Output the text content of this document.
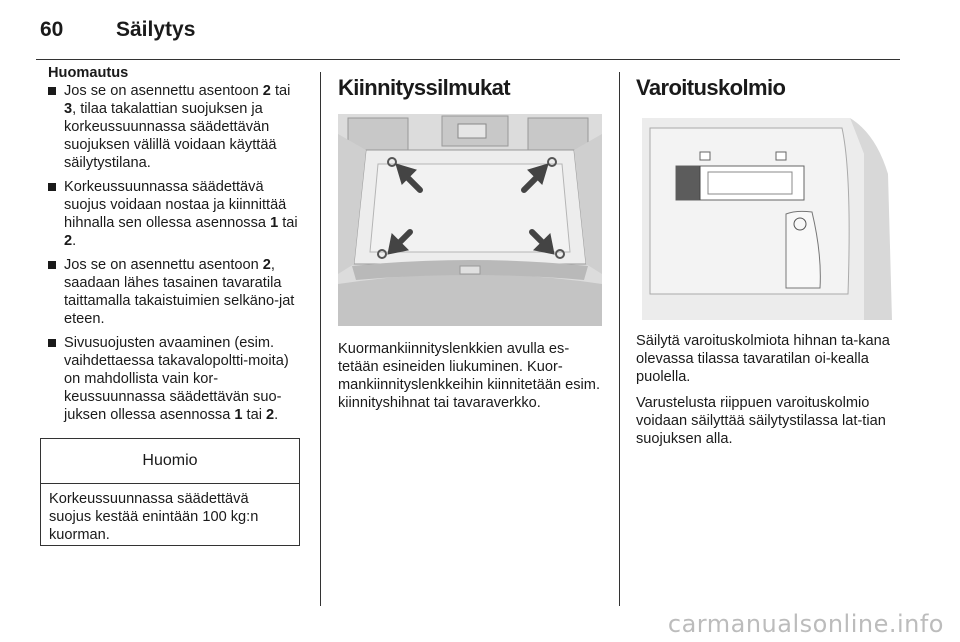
60	Säilytys
Huomautus
Jos se on asennettu asentoon 2 tai 3, tilaa takalattian suojuksen ja korkeussuunnassa säädettävän suojuksen välillä voidaan käyttää säilytystilana.
Korkeussuunnassa säädettävä suojus voidaan nostaa ja kiinnittää hihnalla sen ollessa asennossa 1 tai 2.
Jos se on asennettu asentoon 2, saadaan lähes tasainen tavaratila taittamalla takaistuimien selkäno-jat eteen.
Sivusuojusten avaaminen (esim. vaihdettaessa takavalopoltti-moita) on mahdollista vain kor-keussuunnassa säädettävän suo-juksen ollessa asennossa 1 tai 2.
Huomio
Korkeussuunnassa säädettävä suojus kestää enintään 100 kg:n kuorman.
Kiinnityssilmukat

Kuormankiinnityslenkkien avulla es-tetään esineiden liukuminen. Kuor-mankiinnityslenkkeihin kiinnitetään esim. kiinnityshihnat tai tavaraverkko.

Varoituskolmio

Säilytä varoituskolmiota hihnan ta-kana olevassa tilassa tavaratilan oi-kealla puolella.

Varustelusta riippuen varoituskolmio voidaan säilyttää säilytystilassa lat-tian suojuksen alla.

carmanualsonline.info
